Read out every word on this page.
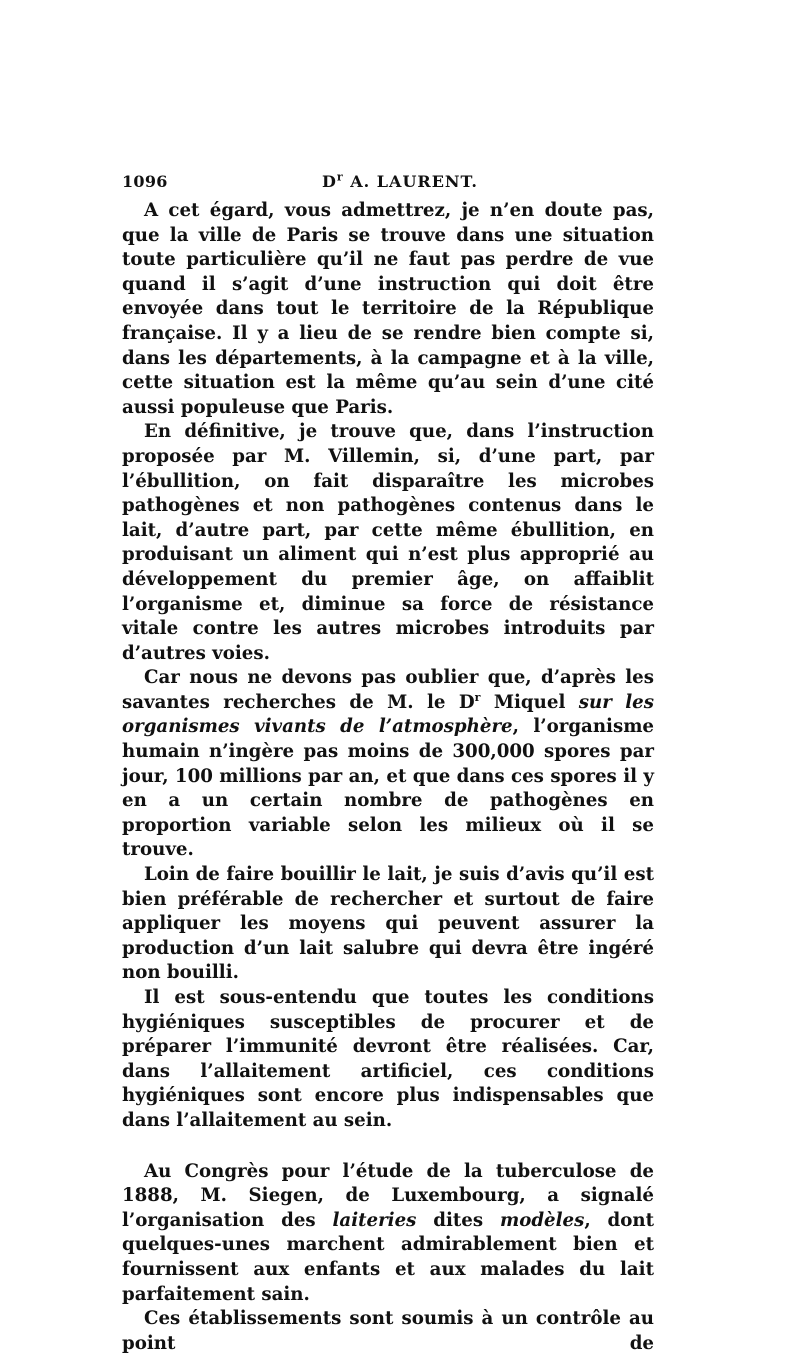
1096	$D^r$ A. LAURENT.

A cet égard, vous admettrez, je n’en doute pas, que la ville de Paris se trouve dans une situation toute particulière qu’il ne faut pas perdre de vue quand il s’agit d’une instruction qui doit être envoyée dans tout le territoire de la République française. Il y a lieu de se rendre bien compte si, dans les départements, à la campagne et à la ville, cette situation est la même qu’au sein d’une cité aussi populeuse que Paris.

En définitive, je trouve que, dans l’instruction proposée par M. Villemin, si, d’une part, par l’ébullition, on fait disparaître les microbes pathogènes et non pathogènes contenus dans le lait, d’autre part, par cette même ébullition, en produisant un aliment qui n’est plus approprié au développement du premier âge, on affaiblit l’organisme et, diminue sa force de résistance vitale contre les autres microbes introduits par d’autres voies.

Car nous ne devons pas oublier que, d’après les savantes recherches de M. le $D^r$ Miquel sur les organismes vivants de l’atmosphère, l’organisme humain n’ingère pas moins de 300,000 spores par jour, 100 millions par an, et que dans ces spores il y en a un certain nombre de pathogènes en proportion variable selon les milieux où il se trouve.

Loin de faire bouillir le lait, je suis d’avis qu’il est bien préférable de rechercher et surtout de faire appliquer les moyens qui peuvent assurer la production d’un lait salubre qui devra être ingéré non bouilli.

Il est sous-entendu que toutes les conditions hygiéniques susceptibles de procurer et de préparer l’immunité devront être réalisées. Car, dans l’allaitement artificiel, ces conditions hygiéniques sont encore plus indispensables que dans l’allaitement au sein.

Au Congrès pour l’étude de la tuberculose de 1888, M. Siegen, de Luxembourg, a signalé l’organisation des laiteries dites modèles, dont quelques-unes marchent admirablement bien et fournissent aux enfants et aux malades du lait parfaitement sain.

Ces établissements sont soumis à un contrôle au point de
